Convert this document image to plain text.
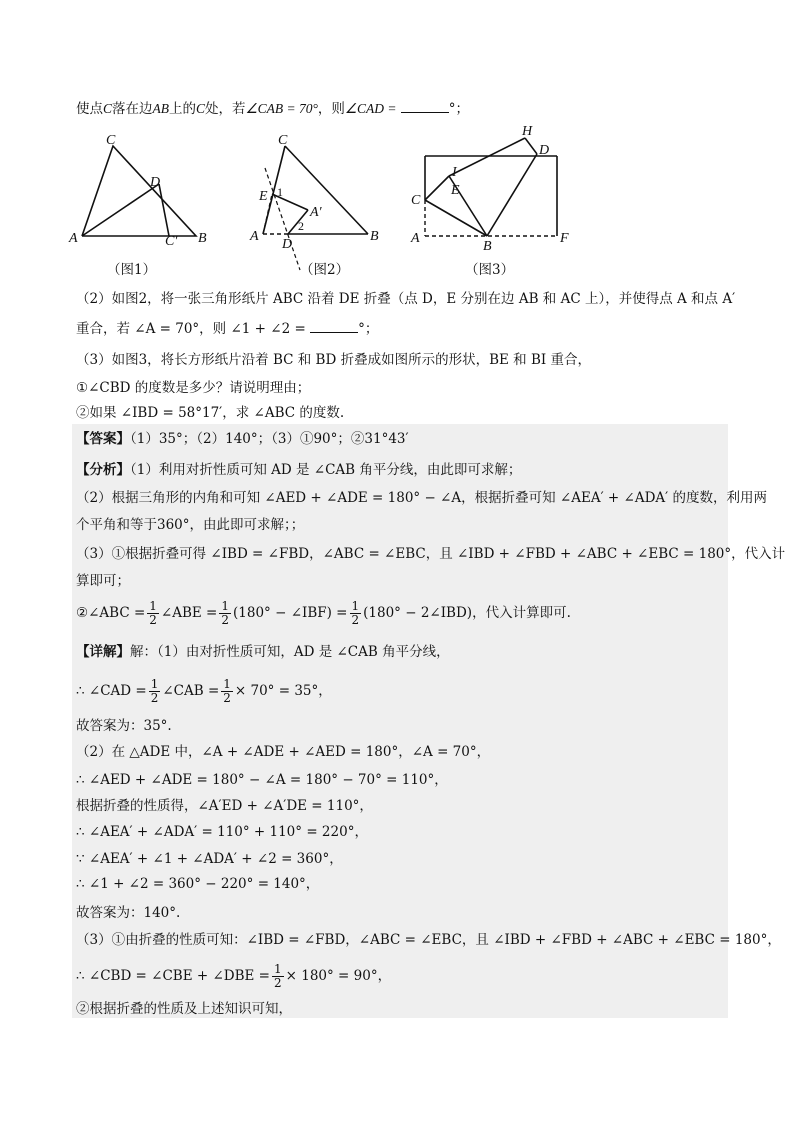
使点C落在边AB上的C处，若∠CAB = 70°，则∠CAD =	°；
C
D
A	C′ B
（图1）
C
E 1
A′
2
A
D
B
（图2）
H
D
I
E
C
A
B
F
（图3）
（2）如图2，将一张三角形纸片 ABC 沿着 DE 折叠（点 D，E 分别在边 AB 和 AC 上），并使得点 A 和点 A′
重合，若 ∠A = 70°，则 ∠1 + ∠2 =	°；
（3）如图3，将长方形纸片沿着 BC 和 BD 折叠成如图所示的形状，BE 和 BI 重合，
①∠CBD 的度数是多少？请说明理由；
②如果 ∠IBD = 58°17′，求 ∠ABC 的度数.
【答案】（1）35°；（2）140°；（3）①90°；②31°43′
【分析】（1）利用对折性质可知 AD 是 ∠CAB 角平分线，由此即可求解；
（2）根据三角形的内角和可知 ∠AED + ∠ADE = 180° − ∠A，根据折叠可知 ∠AEA′ + ∠ADA′ 的度数，利用两
个平角和等于360°，由此即可求解；；
（3）①根据折叠可得 ∠IBD = ∠FBD，∠ABC = ∠EBC，且 ∠IBD + ∠FBD + ∠ABC + ∠EBC = 180°，代入计
算即可；
②∠ABC = $\frac{1}{2}$ ∠ABE = $\frac{1}{2} (180^\circ$ − ∠IBF) = $\frac{1}{2} (180^\circ$ − 2∠IBD)，代入计算即可.
【详解】解：（1）由对折性质可知，AD 是 ∠CAB 角平分线，
∴ ∠CAD = $\frac{1}{2}$ ∠CAB = $\frac{1}{2} \times 70^\circ = 35^\circ$，
故答案为：35°.
（2）在 △ADE 中，∠A + ∠ADE + ∠AED = 180°，∠A = 70°，
∴ ∠AED + ∠ADE = 180° − ∠A = 180° − 70° = 110°，
根据折叠的性质得，∠A′ED + ∠A′DE = 110°，
∴ ∠AEA′ + ∠ADA′ = 110° + 110° = 220°，
∵ ∠AEA′ + ∠1 + ∠ADA′ + ∠2 = 360°，
∴ ∠1 + ∠2 = 360° − 220° = 140°，
故答案为：140°.
（3）①由折叠的性质可知：∠IBD = ∠FBD，∠ABC = ∠EBC，且 ∠IBD + ∠FBD + ∠ABC + ∠EBC = 180°，
∴ ∠CBD = ∠CBE + ∠DBE = $\frac{1}{2} \times 180^\circ = 90^\circ$，
②根据折叠的性质及上述知识可知，
